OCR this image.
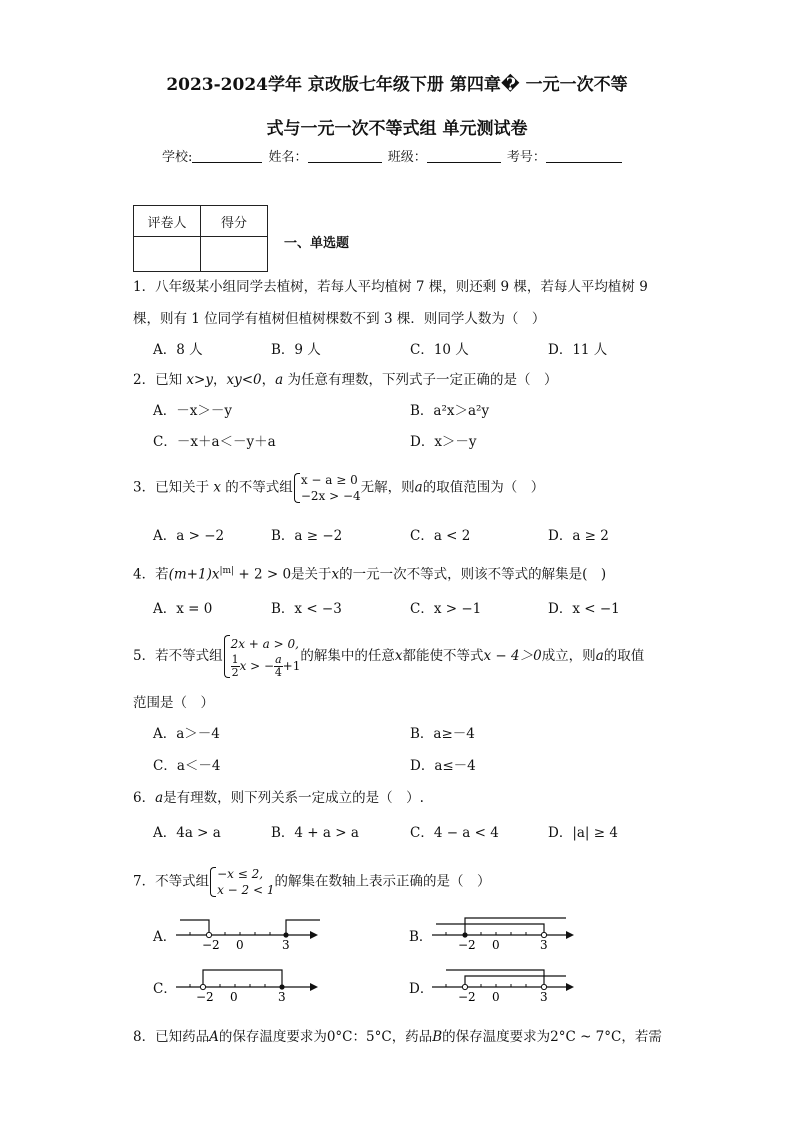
2023-2024学年 京改版七年级下册 第四章� 一元一次不等
式与一元一次不等式组 单元测试卷
学校:	姓名：	班级：	考号：
评卷人	得分

一、单选题
1．八年级某小组同学去植树，若每人平均植树 7 棵，则还剩 9 棵，若每人平均植树 9
棵，则有 1 位同学有植树但植树棵数不到 3 棵．则同学人数为（　）
A．8 人	B．9 人	C．10 人	D．11 人
2．已知 x>y，xy<0，a 为任意有理数，下列式子一定正确的是（　）
A．－x＞－y	B．a²x＞a²y
C．－x＋a＜－y＋a	D．x＞－y
3．已知关于 x 的不等式组 x − a ≥ 0
−2x > −4
无解，则a的取值范围为（　）
A．a > −2	B．a ≥ −2	C．a < 2	D．a ≥ 2
4．若$(m+1)x^{|m|} + 2 > 0$是关于x的一元一次不等式，则该不等式的解集是(　)
A．x = 0	B．x < −3	C．x > −1	D．x < −1
5．若不等式组
2x + a > 0,
$\frac{1}{2}$ x > − $\frac{a}{4} +1$
的解集中的任意x都能使不等式x − 4＞0成立，则a的取值
范围是（　）
A．a＞－4	B．a≥－4
C．a＜－4	D．a≤－4
6．a是有理数，则下列关系一定成立的是（　）.
A．4a > a	B．4 + a > a	C．4 − a < 4	D．|a| ≥ 4
7．不等式组 −x ≤ 2,
x − 2 < 1
的解集在数轴上表示正确的是（　）
A． −2 0	3	B． −2 0	3
C． −2 0	3	D． −2 0	3
8．已知药品A的保存温度要求为0°C：5°C，药品B的保存温度要求为2°C ~ 7°C，若需
